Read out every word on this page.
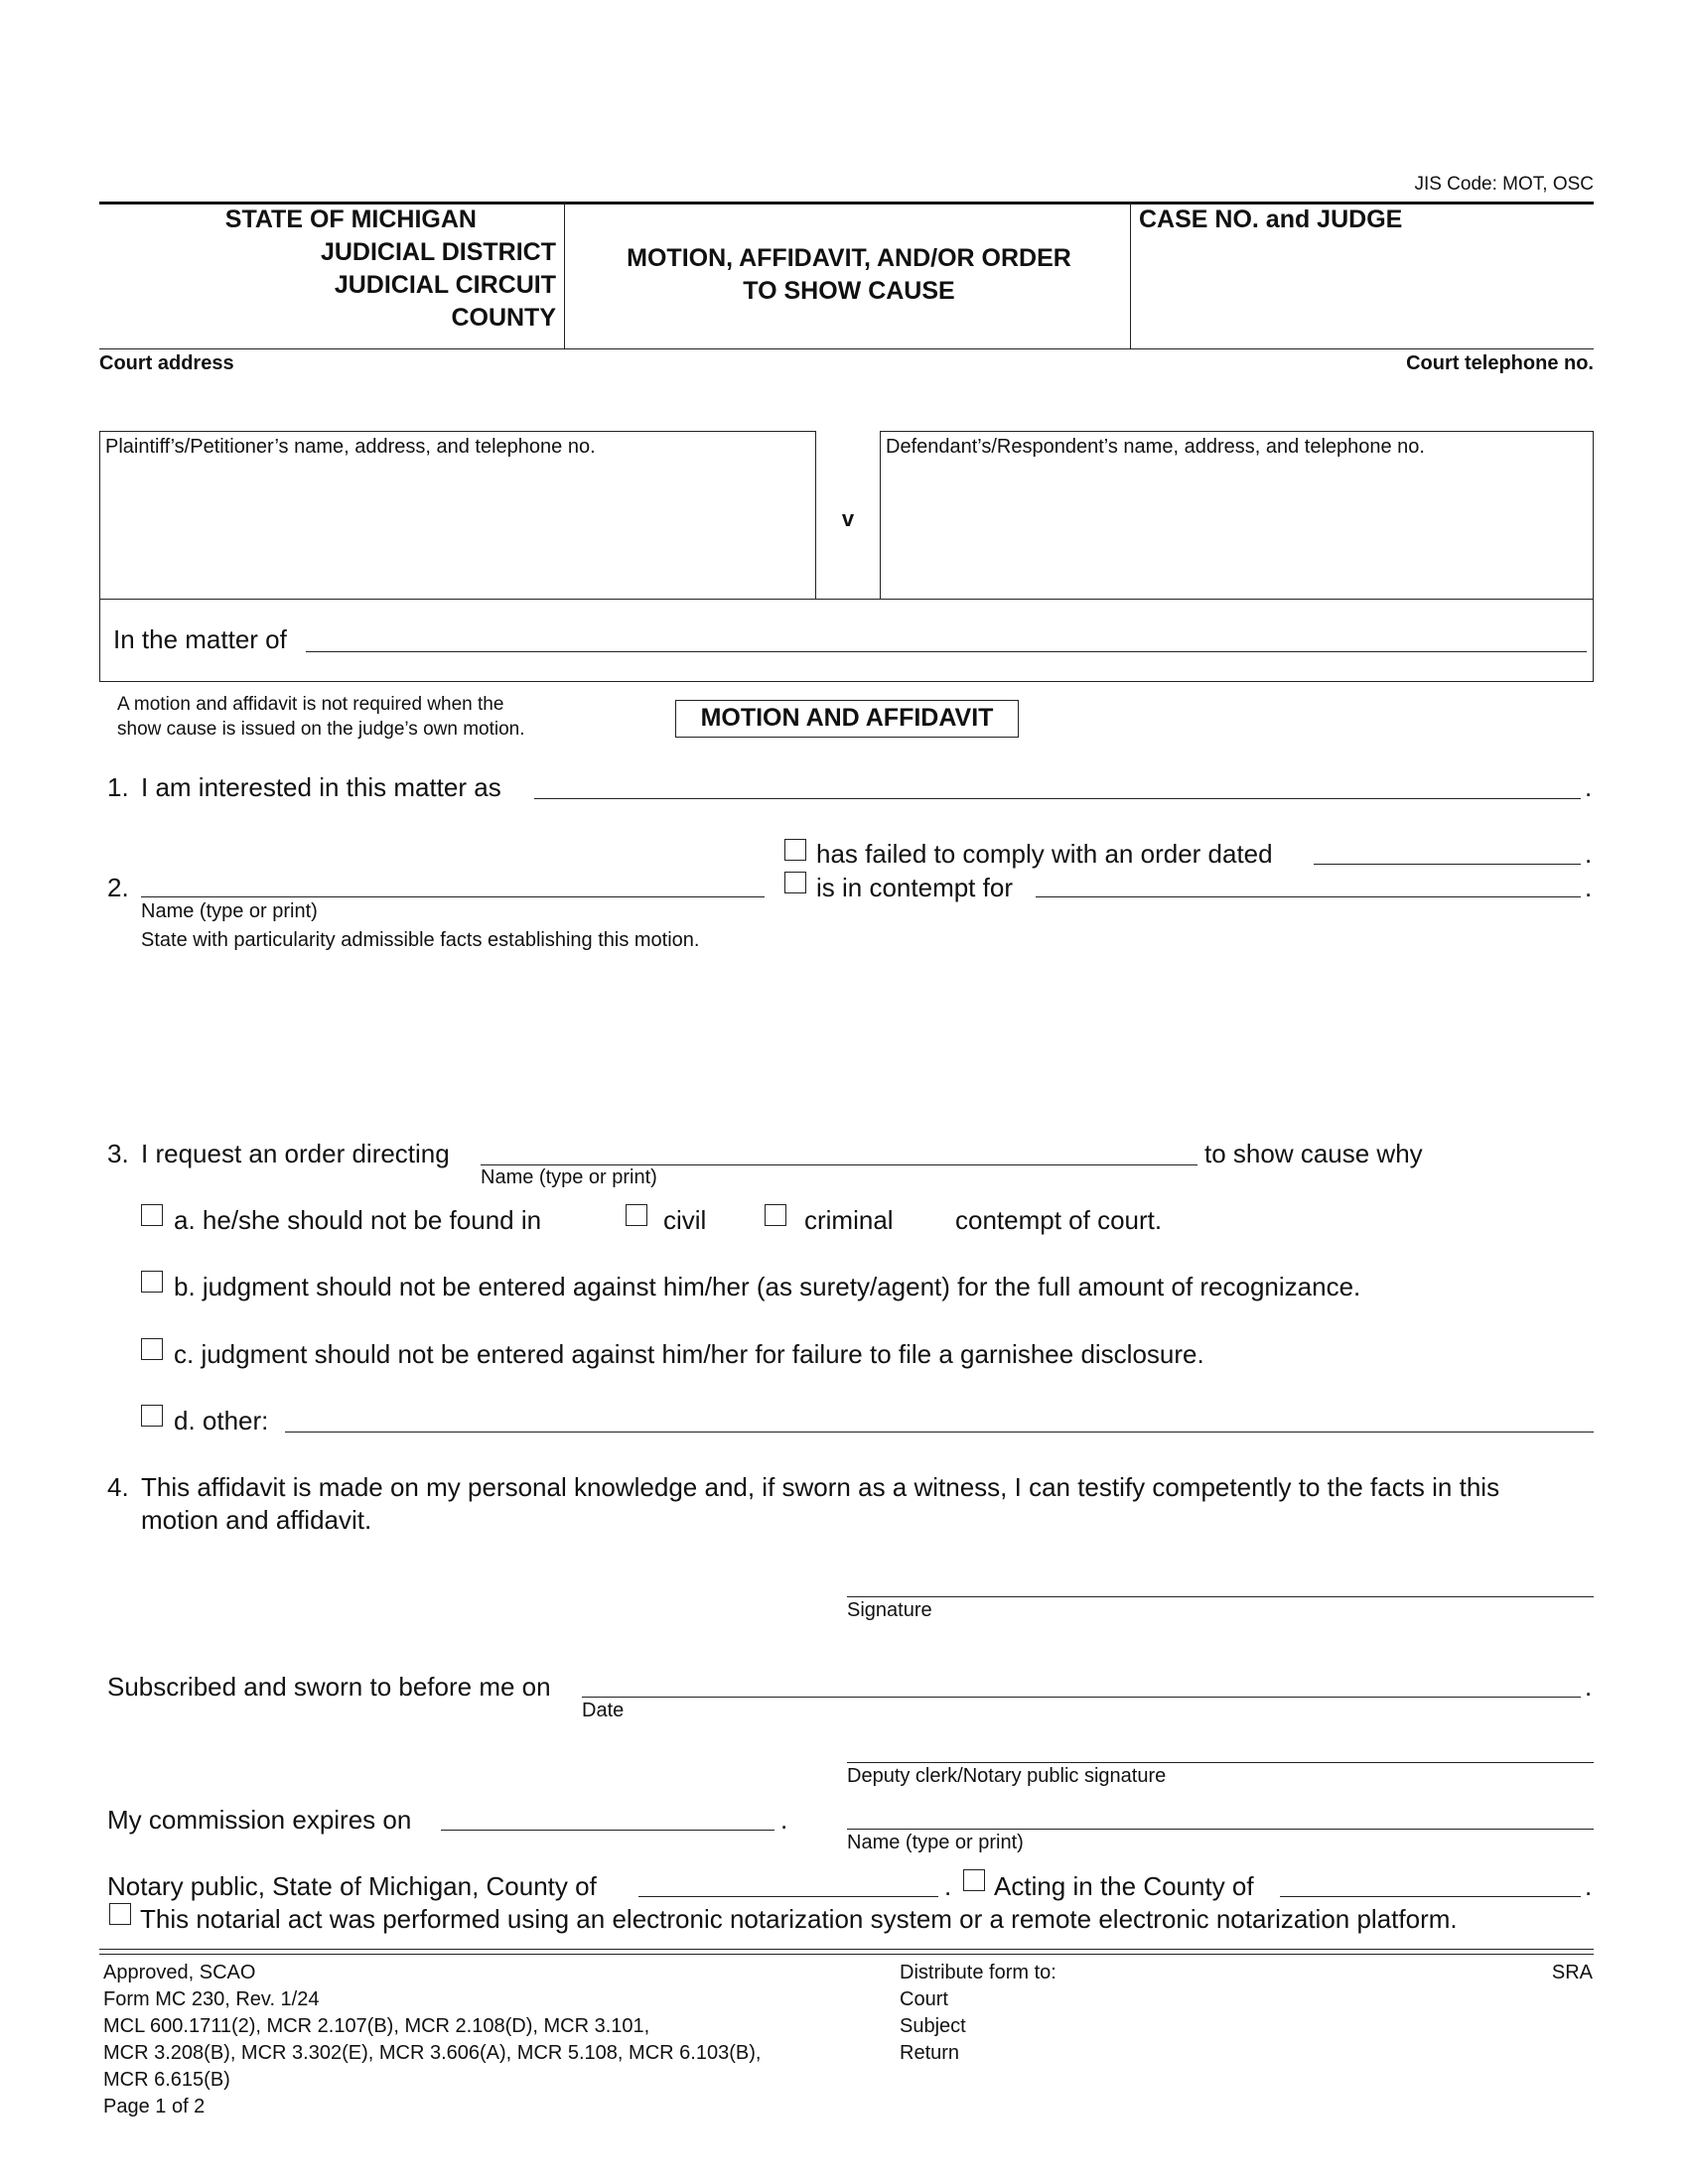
JIS Code: MOT, OSC
STATE OF MICHIGAN
JUDICIAL DISTRICT
JUDICIAL CIRCUIT
COUNTY
MOTION, AFFIDAVIT, AND/OR ORDER
TO SHOW CAUSE
CASE NO. and JUDGE
Court address	Court telephone no.
Plaintiff’s/Petitioner’s name, address, and telephone no.
v
Defendant’s/Respondent’s name, address, and telephone no.
In the matter of
A motion and affidavit is not required when the
show cause is issued on the judge’s own motion.	MOTION AND AFFIDAVIT
1. I am interested in this matter as	.
has failed to comply with an order dated	.
2.	is in contempt for	.
Name (type or print)
State with particularity admissible facts establishing this motion.
3. I request an order directing	to show cause why
Name (type or print)
a. he/she should not be found in	civil	criminal contempt of court.
b. judgment should not be entered against him/her (as surety/agent) for the full amount of recognizance.
c. judgment should not be entered against him/her for failure to file a garnishee disclosure.
d. other:
4. This affidavit is made on my personal knowledge and, if sworn as a witness, I can testify competently to the facts in this
motion and affidavit.
Signature
Subscribed and sworn to before me on	.
Date
Deputy clerk/Notary public signature
My commission expires on	.
Name (type or print)
Notary public, State of Michigan, County of	. Acting in the County of	.
This notarial act was performed using an electronic notarization system or a remote electronic notarization platform.
Approved, SCAO
Form MC 230, Rev. 1/24
MCL 600.1711(2), MCR 2.107(B), MCR 2.108(D), MCR 3.101,
MCR 3.208(B), MCR 3.302(E), MCR 3.606(A), MCR 5.108, MCR 6.103(B),
MCR 6.615(B)
Page 1 of 2
Distribute form to:
Court
Subject
Return
SRA
